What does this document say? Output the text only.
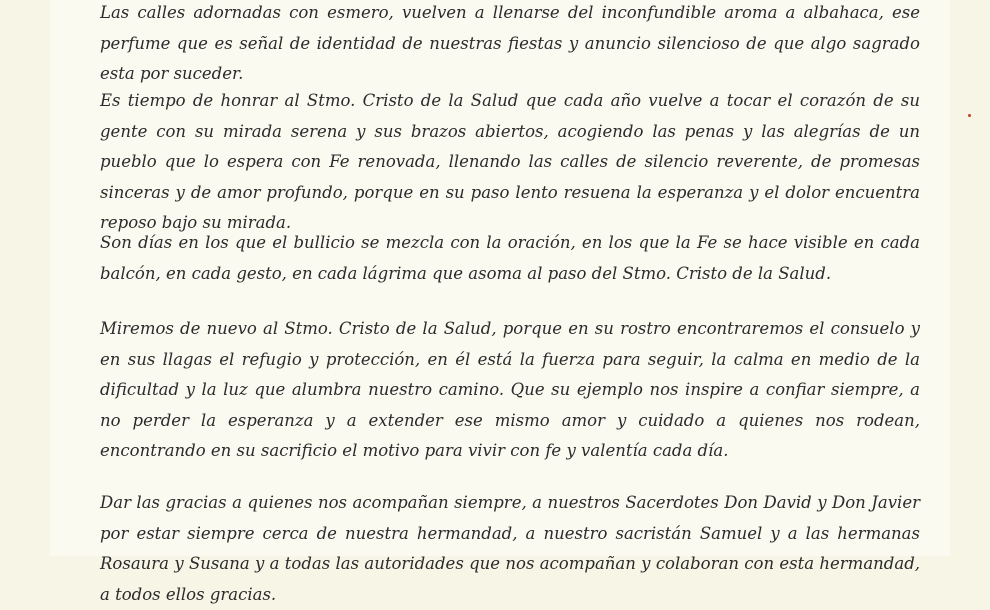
Las calles adornadas con esmero, vuelven a llenarse del inconfundible aroma a albahaca, ese perfume que es señal de identidad de nuestras fiestas y anuncio silencioso de que algo sagrado esta por suceder.

Es tiempo de honrar al Stmo. Cristo de la Salud que cada año vuelve a tocar el corazón de su gente con su mirada serena y sus brazos abiertos, acogiendo las penas y las alegrías de un pueblo que lo espera con Fe renovada, llenando las calles de silencio reverente, de promesas sinceras y de amor profundo, porque en su paso lento resuena la esperanza y el dolor encuentra reposo bajo su mirada.

Son días en los que el bullicio se mezcla con la oración, en los que la Fe se hace visible en cada balcón, en cada gesto, en cada lágrima que asoma al paso del Stmo. Cristo de la Salud.

Miremos de nuevo al Stmo. Cristo de la Salud, porque en su rostro encontraremos el consuelo y en sus llagas el refugio y protección, en él está la fuerza para seguir, la calma en medio de la dificultad y la luz que alumbra nuestro camino. Que su ejemplo nos inspire a confiar siempre, a no perder la esperanza y a extender ese mismo amor y cuidado a quienes nos rodean, encontrando en su sacrificio el motivo para vivir con fe y valentía cada día.

Dar las gracias a quienes nos acompañan siempre, a nuestros Sacerdotes Don David y Don Javier por estar siempre cerca de nuestra hermandad, a nuestro sacristán Samuel y a las hermanas Rosaura y Susana y a todas las autoridades que nos acompañan y colaboran con esta hermandad, a todos ellos gracias.
